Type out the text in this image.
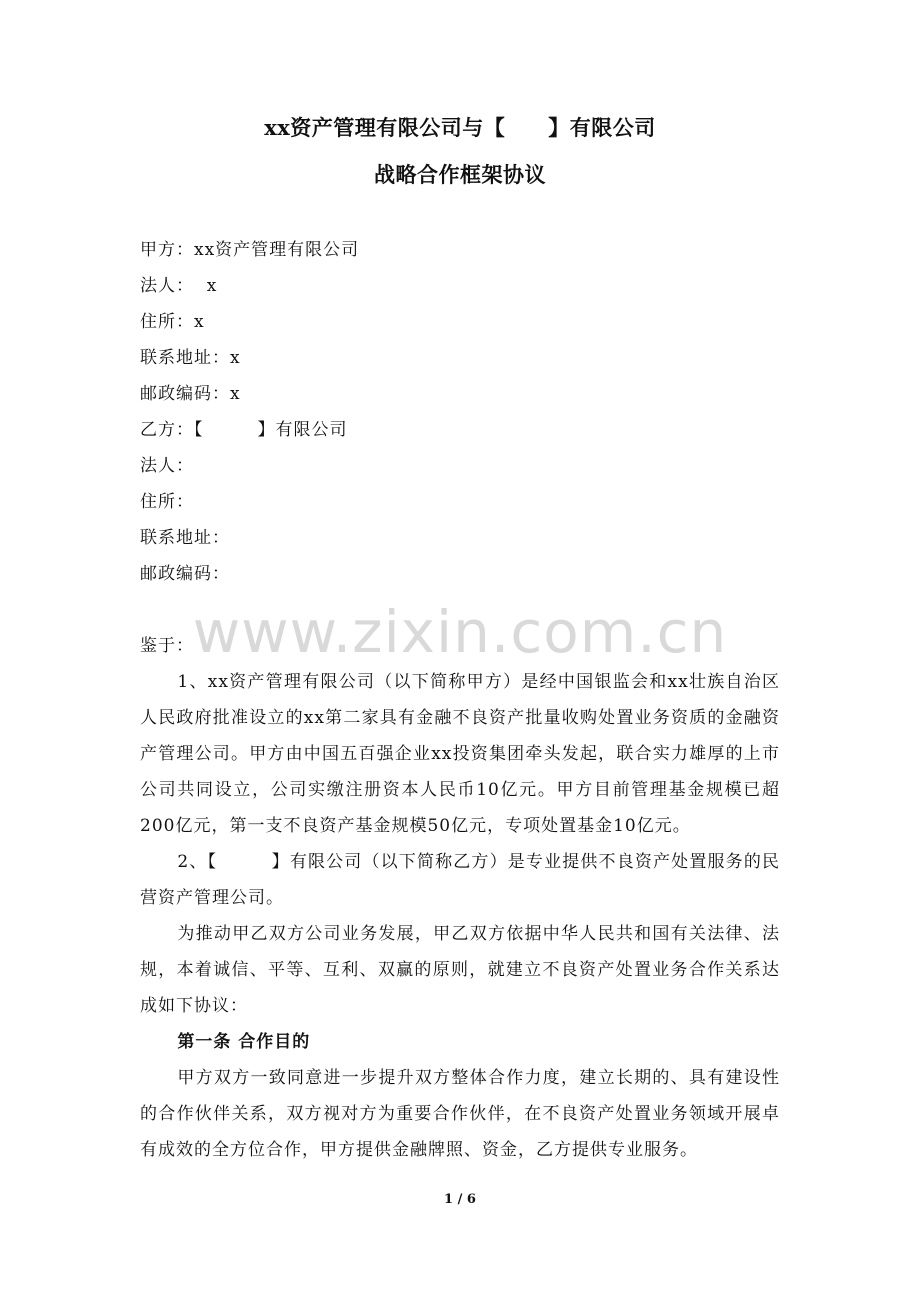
xx资产管理有限公司与【　　】有限公司
战略合作框架协议
甲方：xx资产管理有限公司
法人：  x
住所：x
联系地址：x
邮政编码：x
乙方：【　　　】有限公司
法人：
住所：
联系地址：
邮政编码：
www.zixin.com.cn

鉴于：

1、xx资产管理有限公司（以下简称甲方）是经中国银监会和xx壮族自治区人民政府批准设立的xx第二家具有金融不良资产批量收购处置业务资质的金融资产管理公司。甲方由中国五百强企业xx投资集团牵头发起，联合实力雄厚的上市公司共同设立，公司实缴注册资本人民币10亿元。甲方目前管理基金规模已超200亿元，第一支不良资产基金规模50亿元，专项处置基金10亿元。

2、【　　　】有限公司（以下简称乙方）是专业提供不良资产处置服务的民营资产管理公司。

为推动甲乙双方公司业务发展，甲乙双方依据中华人民共和国有关法律、法规，本着诚信、平等、互利、双赢的原则，就建立不良资产处置业务合作关系达成如下协议：

第一条 合作目的

甲方双方一致同意进一步提升双方整体合作力度，建立长期的、具有建设性的合作伙伴关系，双方视对方为重要合作伙伴，在不良资产处置业务领域开展卓有成效的全方位合作，甲方提供金融牌照、资金，乙方提供专业服务。

1 / 6
